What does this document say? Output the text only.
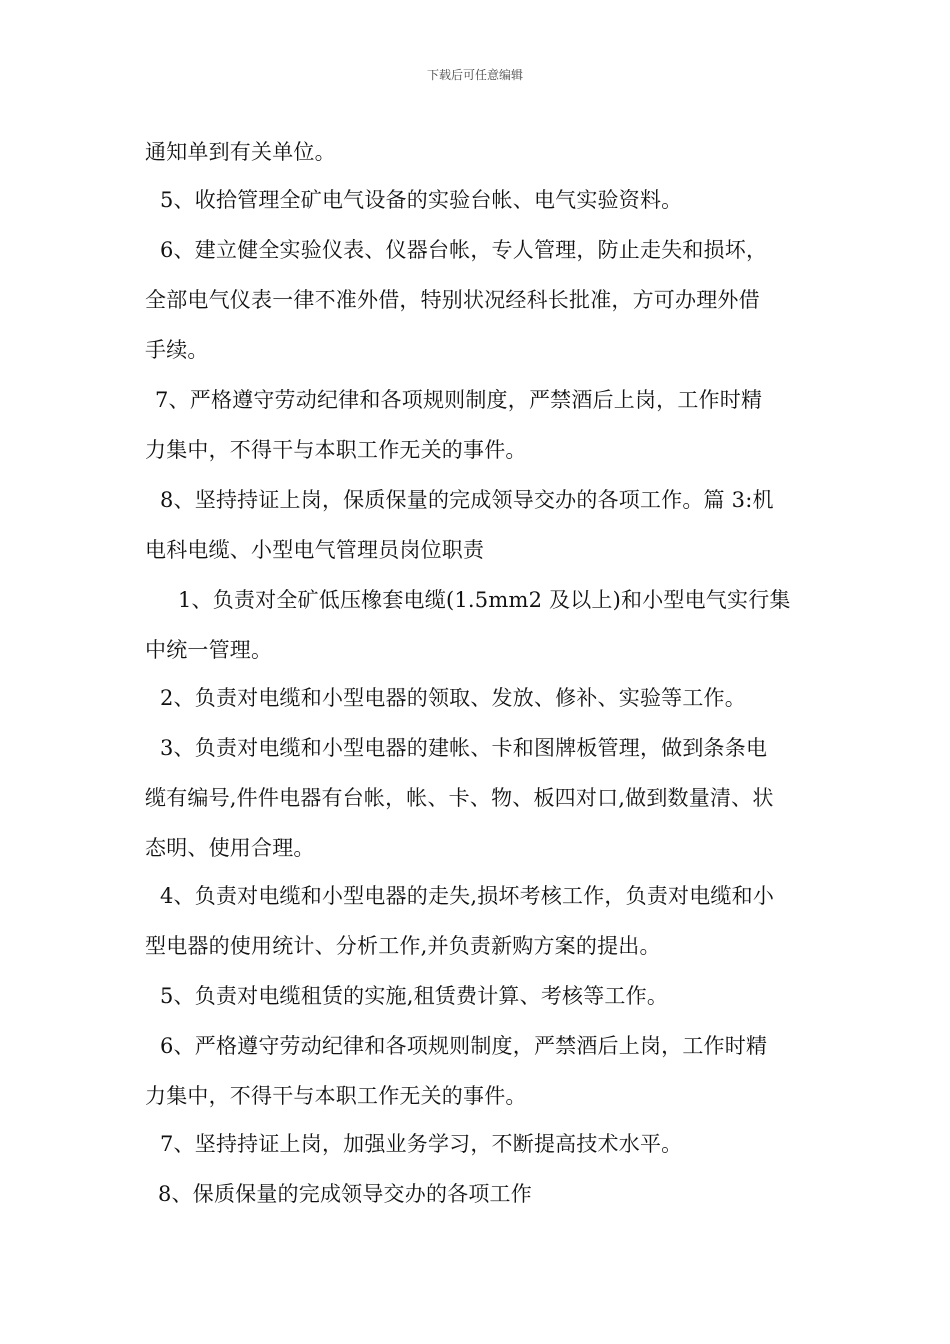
下载后可任意编辑
通知单到有关单位。
5、收拾管理全矿电气设备的实验台帐、电气实验资料。
6、建立健全实验仪表、仪器台帐，专人管理，防止走失和损坏，
全部电气仪表一律不准外借，特别状况经科长批准，方可办理外借
手续。
7、严格遵守劳动纪律和各项规则制度，严禁酒后上岗，工作时精
力集中，不得干与本职工作无关的事件。
8、坚持持证上岗，保质保量的完成领导交办的各项工作。篇 3:机
电科电缆、小型电气管理员岗位职责
1、负责对全矿低压橡套电缆(1.5mm2 及以上)和小型电气实行集
中统一管理。
2、负责对电缆和小型电器的领取、发放、修补、实验等工作。
3、负责对电缆和小型电器的建帐、卡和图牌板管理，做到条条电
缆有编号,件件电器有台帐，帐、卡、物、板四对口,做到数量清、状
态明、使用合理。
4、负责对电缆和小型电器的走失,损坏考核工作，负责对电缆和小
型电器的使用统计、分析工作,并负责新购方案的提出。
5、负责对电缆租赁的实施,租赁费计算、考核等工作。
6、严格遵守劳动纪律和各项规则制度，严禁酒后上岗，工作时精
力集中，不得干与本职工作无关的事件。
7、坚持持证上岗，加强业务学习，不断提高技术水平。
8、保质保量的完成领导交办的各项工作
